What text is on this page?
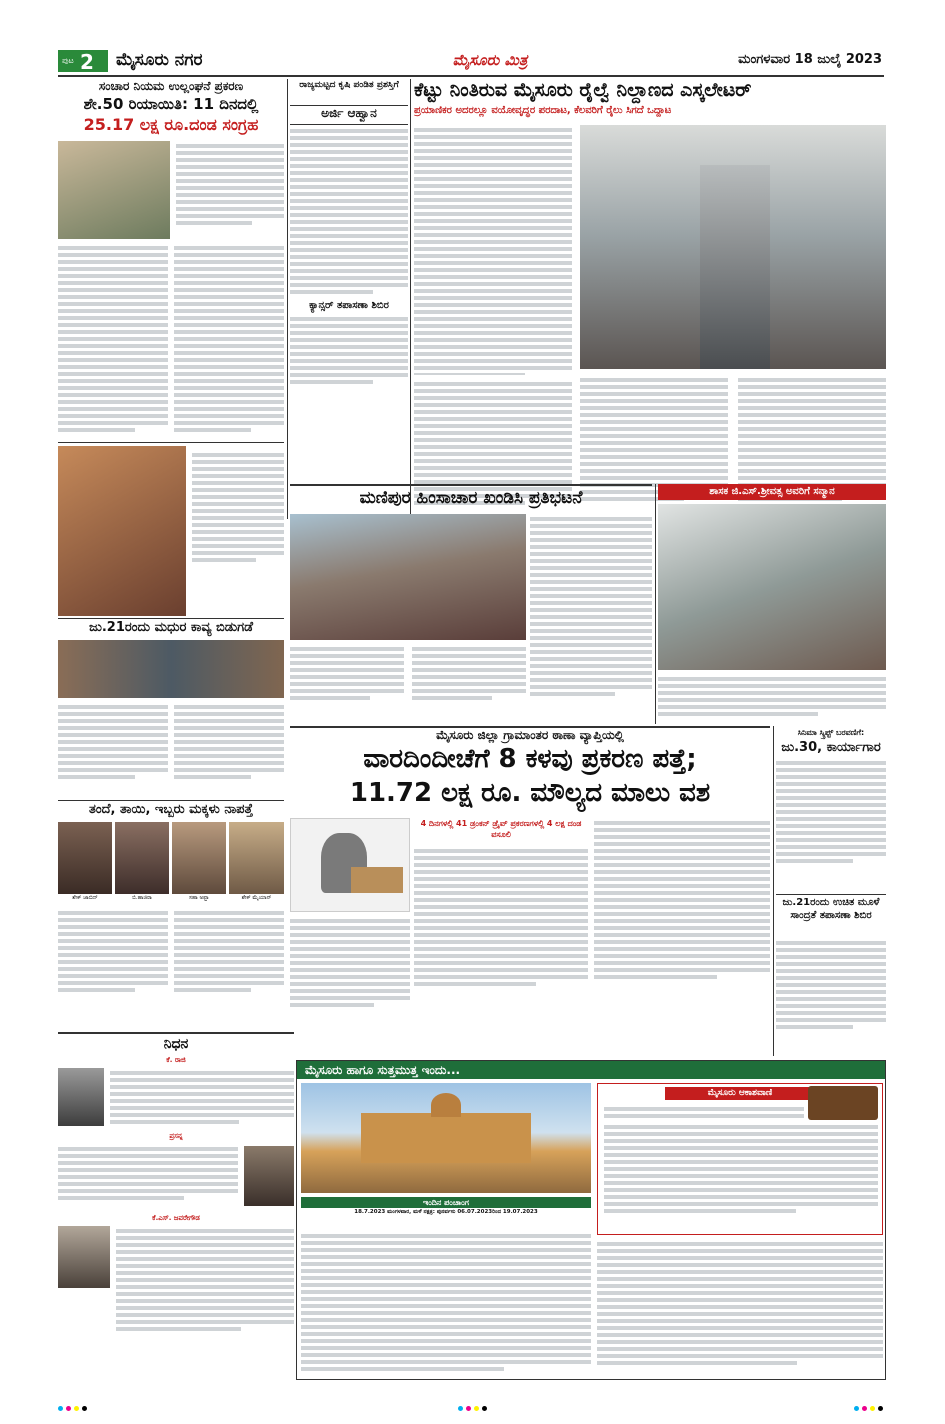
ಪುಟ 2 ಮೈಸೂರು ನಗರ	ಮೈಸೂರು ಮಿತ್ರ	ಮಂಗಳವಾರ 18 ಜುಲೈ 2023
ಸಂಚಾರ ನಿಯಮ ಉಲ್ಲಂಘನೆ ಪ್ರಕರಣ
ಶೇ.50 ರಿಯಾಯಿತಿ: 11 ದಿನದಲ್ಲಿ
25.17 ಲಕ್ಷ ರೂ.ದಂಡ ಸಂಗ್ರಹ
ರಾಜ್ಯಮಟ್ಟದ ಕೃಷಿ ಪಂಡಿತ ಪ್ರಶಸ್ತಿಗೆ
ಅರ್ಜಿ ಆಹ್ವಾನ
ಕ್ಯಾನ್ಸರ್ ತಪಾಸಣಾ ಶಿಬಿರ
ಕೆಟ್ಟು ನಿಂತಿರುವ ಮೈಸೂರು ರೈಲ್ವೆ ನಿಲ್ದಾಣದ ಎಸ್ಕಲೇಟರ್
ಪ್ರಯಾಣಿಕರ ಅದರಲ್ಲೂ ವಯೋವೃದ್ಧರ ಪರದಾಟ, ಕೆಲವರಿಗೆ ರೈಲು ಸಿಗದೆ ಒದ್ದಾಟ
ಜು.21ರಂದು ಮಧುರ ಕಾವ್ಯ ಬಿಡುಗಡೆ
ತಂದೆ, ತಾಯಿ, ಇಬ್ಬರು ಮಕ್ಕಳು ನಾಪತ್ತೆ
ಶೇಕ್ ಜಾಬಿದ್	ಬಿ.ಹಾಜಿರಾ	ಸಹಾ ಅಫ್ಜಾ	ಶೇಕ್ ಮೈಯಾನ್
ನಿಧನ
ಕೆ. ರಾಜಿ
ಪ್ರಸನ್ನ
ಕೆ.ಎಸ್. ಜವರೇಗೌಡ
ಮಣಿಪುರ ಹಿಂಸಾಚಾರ ಖಂಡಿಸಿ ಪ್ರತಿಭಟನೆ	ಶಾಸಕ ಜಿ.ಎಸ್.ಶ್ರೀವತ್ಸ ಅವರಿಗೆ ಸನ್ಮಾನ
ಮೈಸೂರು ಜಿಲ್ಲಾ ಗ್ರಾಮಾಂತರ ಠಾಣಾ ವ್ಯಾಪ್ತಿಯಲ್ಲಿ
ವಾರದಿಂದೀಚೆಗೆ 8 ಕಳವು ಪ್ರಕರಣ ಪತ್ತೆ;
11.72 ಲಕ್ಷ ರೂ. ಮೌಲ್ಯದ ಮಾಲು ವಶ
4 ದಿನಗಳಲ್ಲಿ 41 ಡ್ರಂಕನ್ ಡ್ರೈವ್ ಪ್ರಕರಣಗಳಲ್ಲಿ 4 ಲಕ್ಷ ದಂಡ ವಸೂಲಿ
ಸಿನಿಮಾ ಸ್ಕ್ರಿಪ್ಟ್ ಬರವಣಿಗೆ:
ಜು.30, ಕಾರ್ಯಾಗಾರ
ಜು.21ರಂದು ಉಚಿತ ಮೂಳೆ ಸಾಂದ್ರತೆ ತಪಾಸಣಾ ಶಿಬಿರ
ಮೈಸೂರು ಹಾಗೂ ಸುತ್ತಮುತ್ತ ಇಂದು...
ಇಂದಿನ ಪಂಚಾಂಗ
18.7.2023 ಮಂಗಳವಾರ, ಮಳೆ ನಕ್ಷತ್ರ: ಪುನರ್ವಸು 06.07.2023ರಿಂದ 19.07.2023
ಮೈಸೂರು ಆಕಾಶವಾಣಿ
